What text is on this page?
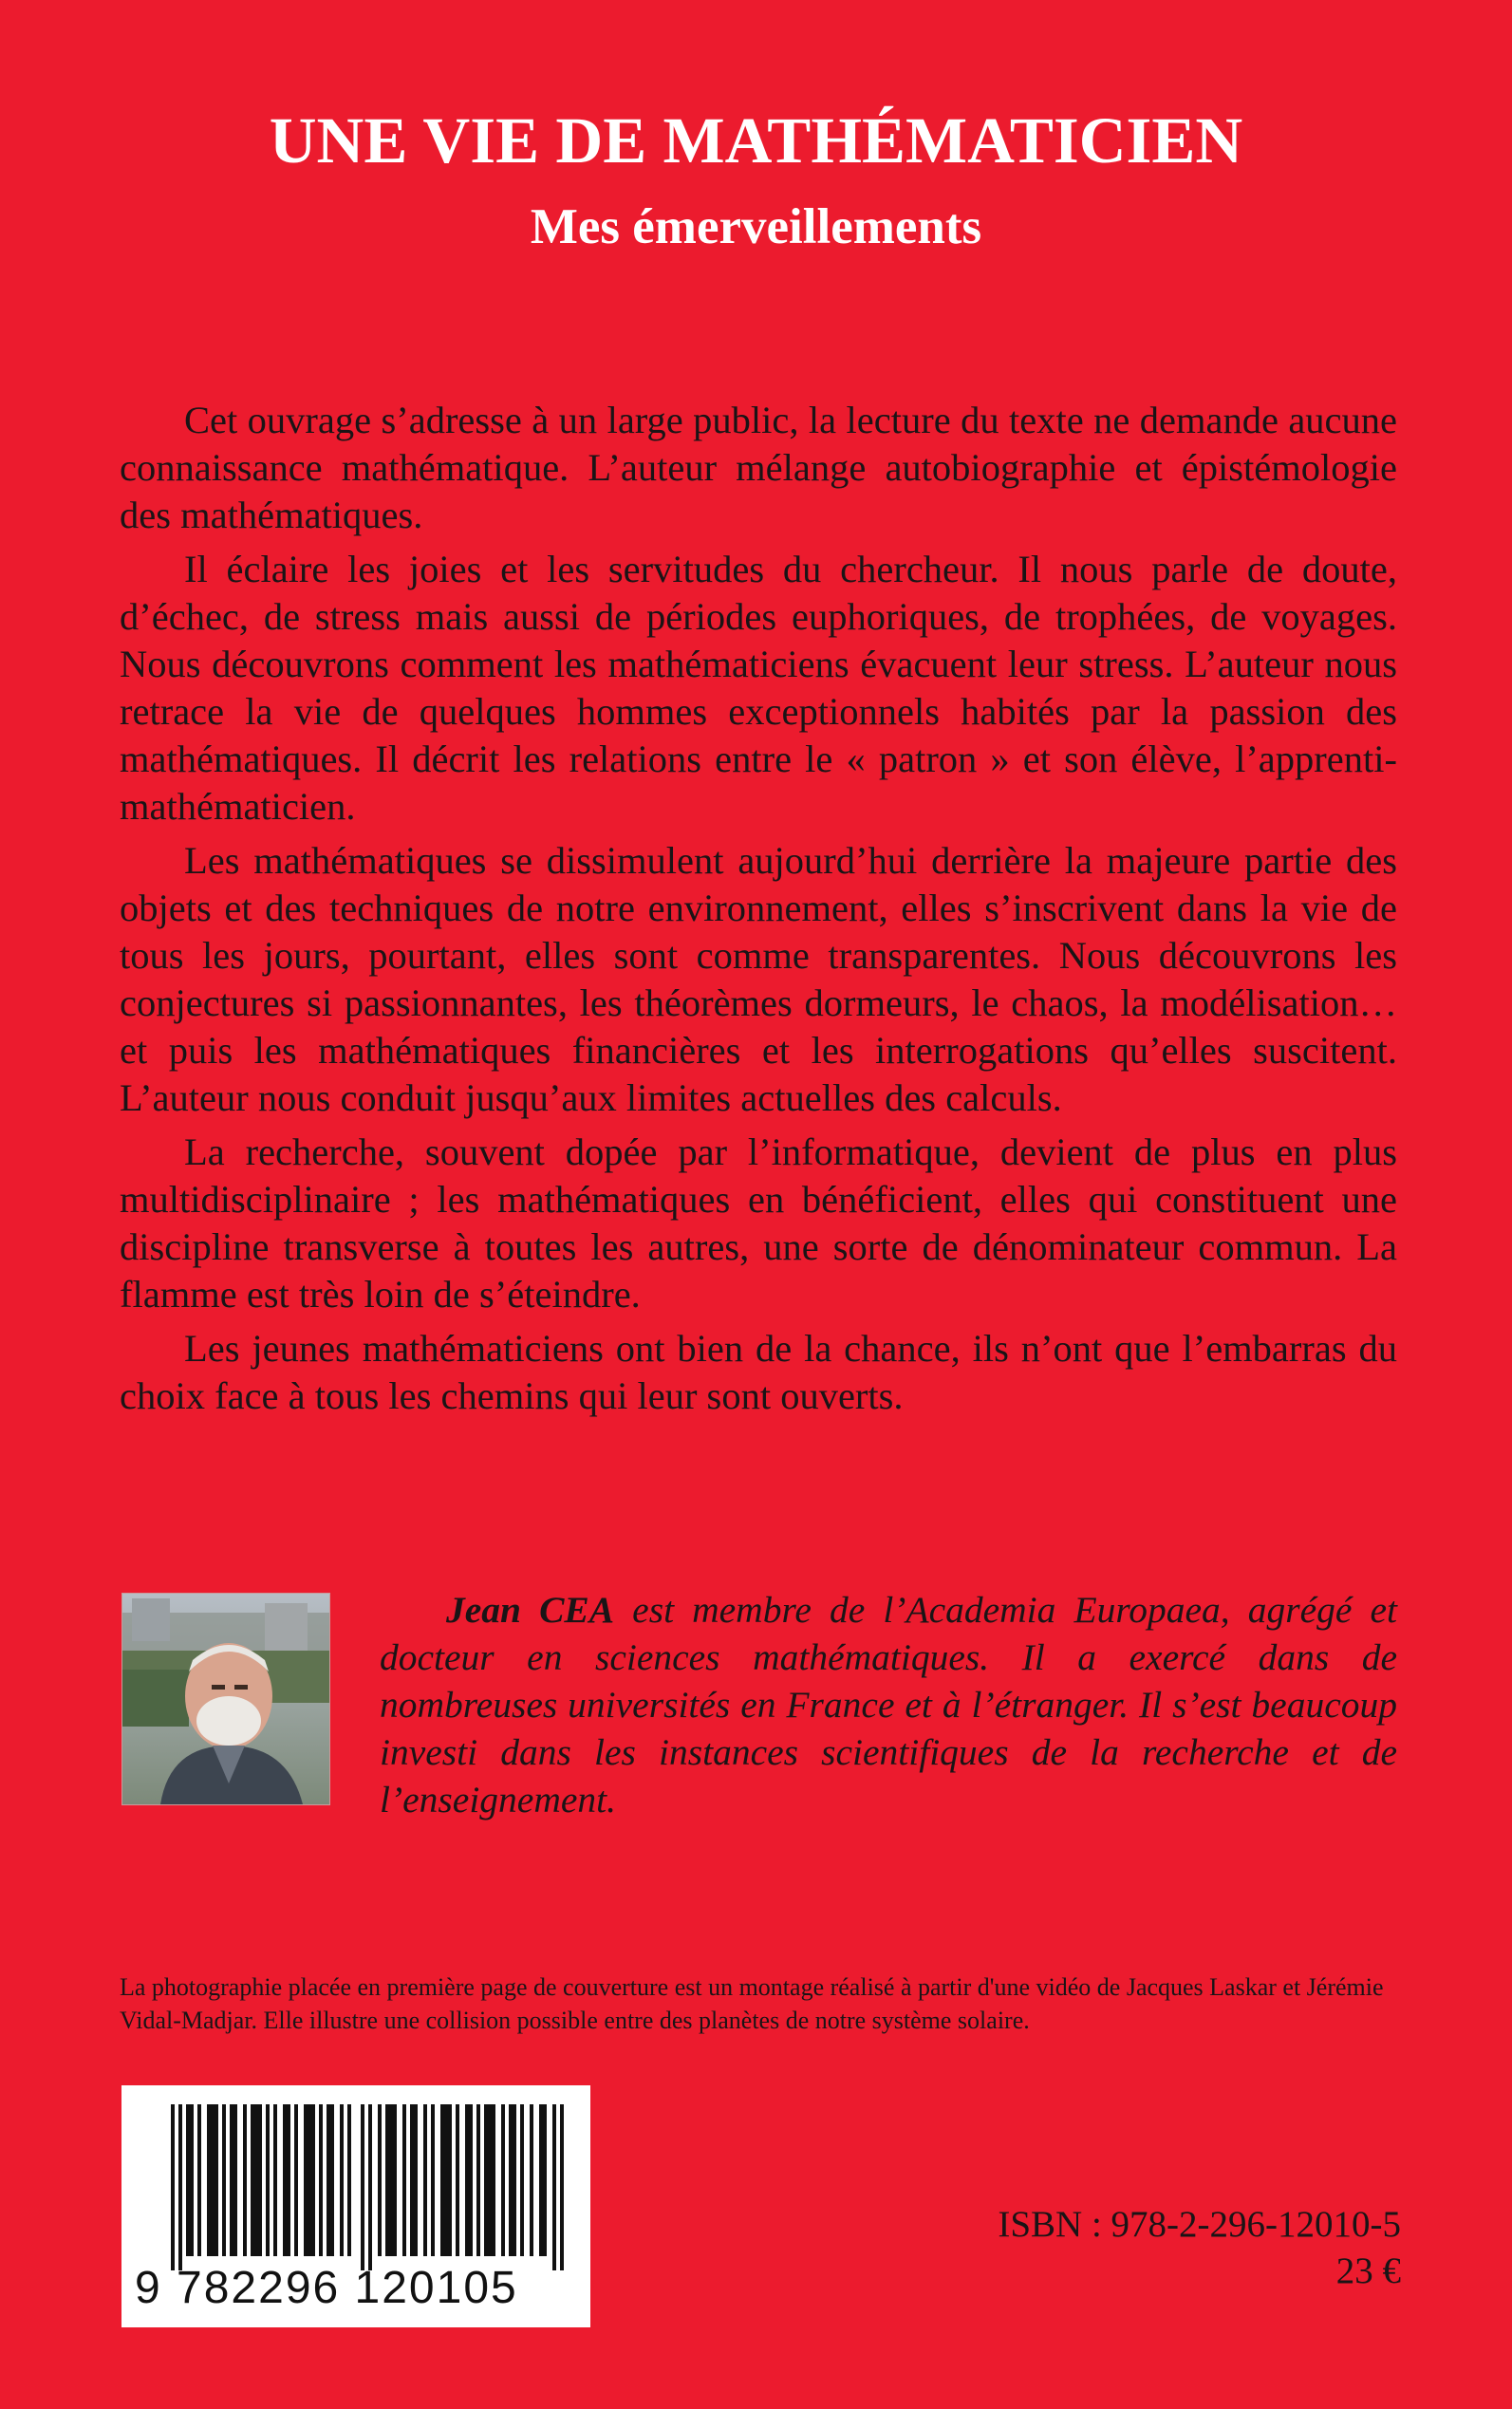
UNE VIE DE MATHÉMATICIEN
Mes émerveillements

Cet ouvrage s’adresse à un large public, la lecture du texte ne demande aucune connaissance mathématique. L’auteur mélange autobiographie et épistémologie des mathématiques.

Il éclaire les joies et les servitudes du chercheur. Il nous parle de doute, d’échec, de stress mais aussi de périodes euphoriques, de trophées, de voyages. Nous découvrons comment les mathématiciens évacuent leur stress. L’auteur nous retrace la vie de quelques hommes exceptionnels habités par la passion des mathématiques. Il décrit les relations entre le « patron » et son élève, l’apprenti-mathématicien.

Les mathématiques se dissimulent aujourd’hui derrière la majeure partie des objets et des techniques de notre environnement, elles s’inscrivent dans la vie de tous les jours, pourtant, elles sont comme transparentes. Nous découvrons les conjectures si passionnantes, les théorèmes dormeurs, le chaos, la modélisation… et puis les mathématiques financières et les interrogations qu’elles suscitent. L’auteur nous conduit jusqu’aux limites actuelles des calculs.

La recherche, souvent dopée par l’informatique, devient de plus en plus multidisciplinaire ; les mathématiques en bénéficient, elles qui constituent une discipline transverse à toutes les autres, une sorte de dénominateur commun. La flamme est très loin de s’éteindre.

Les jeunes mathématiciens ont bien de la chance, ils n’ont que l’embarras du choix face à tous les chemins qui leur sont ouverts.

Jean CEA est membre de l’Academia Europaea, agrégé et docteur en sciences mathématiques. Il a exercé dans de nombreuses universités en France et à l’étranger. Il s’est beaucoup investi dans les instances scientifiques de la recherche et de l’enseignement.

La photographie placée en première page de couverture est un montage réalisé à partir d'une vidéo de Jacques Laskar et Jérémie Vidal-Madjar. Elle illustre une collision possible entre des planètes de notre système solaire.
9 782296 120105
ISBN : 978-2-296-12010-5
23 €
